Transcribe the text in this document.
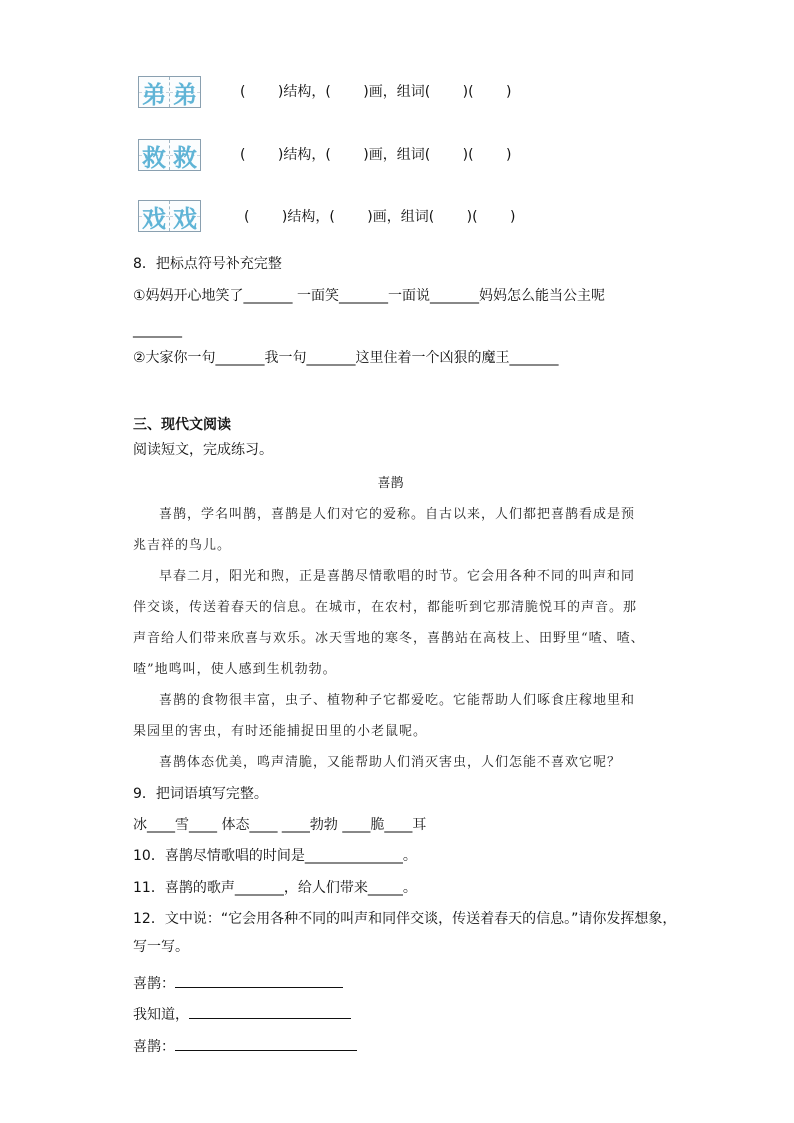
弟 弟	(　　 )结构，(　　 )画，组词(　　 )(　　 )
救 救	(　　 )结构，(　　 )画，组词(　　 )(　　 )
戏 戏	(　　 )结构，(　　 )画，组词(　　 )(　　 )
8．把标点符号补充完整
①妈妈开心地笑了_______ 一面笑_______一面说_______妈妈怎么能当公主呢
_______
②大家你一句_______我一句_______这里住着一个凶狠的魔王_______
三、现代文阅读
阅读短文，完成练习。
喜鹊
喜鹊，学名叫鹊，喜鹊是人们对它的爱称。自古以来，人们都把喜鹊看成是预兆吉祥的鸟儿。
早春二月，阳光和煦，正是喜鹊尽情歌唱的时节。它会用各种不同的叫声和同伴交谈，传送着春天的信息。在城市，在农村，都能听到它那清脆悦耳的声音。那声音给人们带来欣喜与欢乐。冰天雪地的寒冬，喜鹊站在高枝上、田野里“喳、喳、喳”地鸣叫，使人感到生机勃勃。
喜鹊的食物很丰富，虫子、植物种子它都爱吃。它能帮助人们啄食庄稼地里和果园里的害虫，有时还能捕捉田里的小老鼠呢。
喜鹊体态优美，鸣声清脆，又能帮助人们消灭害虫，人们怎能不喜欢它呢？
9．把词语填写完整。
冰____雪____ 体态____ ____勃勃 ____脆____耳
10．喜鹊尽情歌唱的时间是______________。
11．喜鹊的歌声_______，给人们带来_____。
12．文中说：“它会用各种不同的叫声和同伴交谈，传送着春天的信息。”请你发挥想象，
写一写。
喜鹊：
我知道，
喜鹊：
